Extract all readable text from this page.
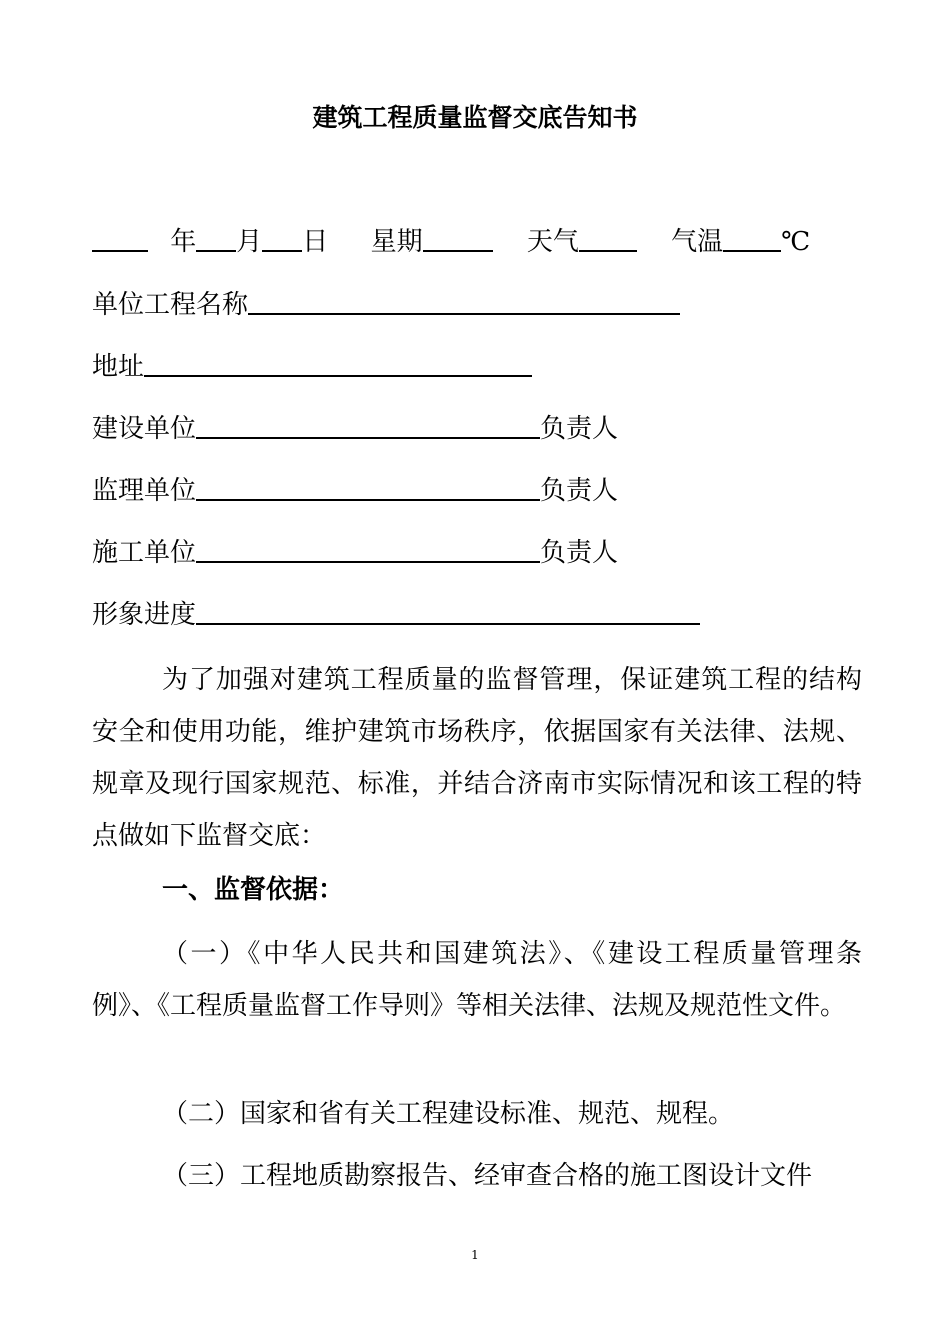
建筑工程质量监督交底告知书
年 月 日 星期	天气	气温 ℃
单位工程名称
地址
建设单位	负责人
监理单位	负责人
施工单位	负责人
形象进度
为了加强对建筑工程质量的监督管理，保证建筑工程的结构安全和使用功能，维护建筑市场秩序，依据国家有关法律、法规、规章及现行国家规范、标准，并结合济南市实际情况和该工程的特点做如下监督交底：
一、监督依据：
（一）《中华人民共和国建筑法》、《建设工程质量管理条例》、《工程质量监督工作导则》等相关法律、法规及规范性文件。
（二）国家和省有关工程建设标准、规范、规程。
（三）工程地质勘察报告、经审查合格的施工图设计文件
1
